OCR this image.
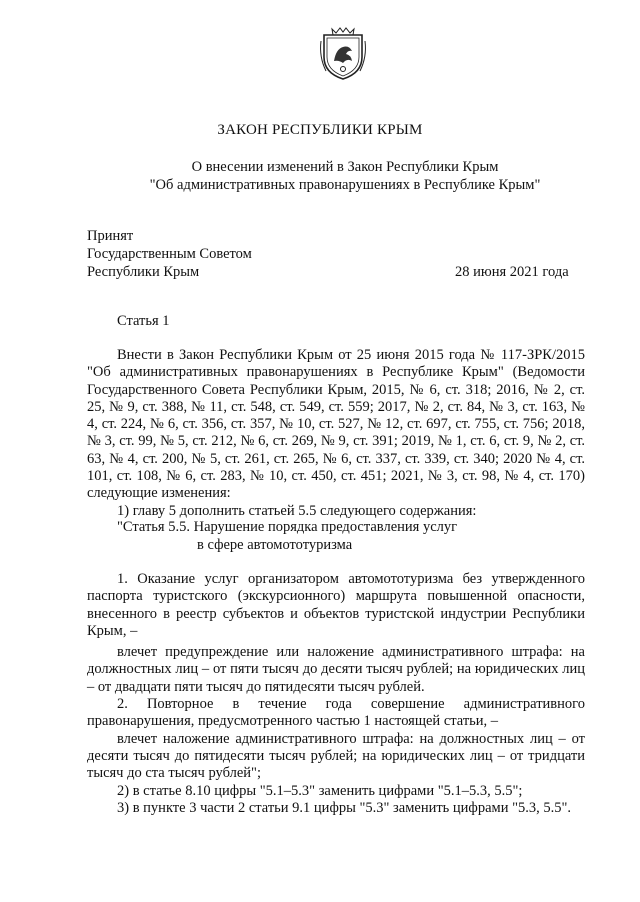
ЗАКОН РЕСПУБЛИКИ КРЫМ
О внесении изменений в Закон Республики Крым
"Об административных правонарушениях в Республике Крым"
Принят
Государственным Советом
Республики Крым	28 июня 2021 года
Статья 1

Внести в Закон Республики Крым от 25 июня 2015 года № 117-ЗРК/2015 "Об административных правонарушениях в Республике Крым" (Ведомости Государственного Совета Республики Крым, 2015, № 6, ст. 318; 2016, № 2, ст. 25, № 9, ст. 388, № 11, ст. 548, ст. 549, ст. 559; 2017, № 2, ст. 84, № 3, ст. 163, № 4, ст. 224, № 6, ст. 356, ст. 357, № 10, ст. 527, № 12, ст. 697, ст. 755, ст. 756; 2018, № 3, ст. 99, № 5, ст. 212, № 6, ст. 269, № 9, ст. 391; 2019, № 1, ст. 6, ст. 9, № 2, ст. 63, № 4, ст. 200, № 5, ст. 261, ст. 265, № 6, ст. 337, ст. 339, ст. 340; 2020 № 4, ст. 101, ст. 108, № 6, ст. 283, № 10, ст. 450, ст. 451; 2021, № 3, ст. 98, № 4, ст. 170) следующие изменения:

1) главу 5 дополнить статьей 5.5 следующего содержания:

"Статья 5.5. Нарушение порядка предоставления услуг
в сфере автомототуризма

1. Оказание услуг организатором автомототуризма без утвержденного паспорта туристского (экскурсионного) маршрута повышенной опасности, внесенного в реестр субъектов и объектов туристской индустрии Республики Крым, –

влечет предупреждение или наложение административного штрафа: на должностных лиц – от пяти тысяч до десяти тысяч рублей; на юридических лиц – от двадцати пяти тысяч до пятидесяти тысяч рублей.

2. Повторное в течение года совершение административного правонарушения, предусмотренного частью 1 настоящей статьи, –

влечет наложение административного штрафа: на должностных лиц – от десяти тысяч до пятидесяти тысяч рублей; на юридических лиц – от тридцати тысяч до ста тысяч рублей";

2) в статье 8.10 цифры "5.1–5.3" заменить цифрами "5.1–5.3, 5.5";

3) в пункте 3 части 2 статьи 9.1 цифры "5.3" заменить цифрами "5.3, 5.5".
